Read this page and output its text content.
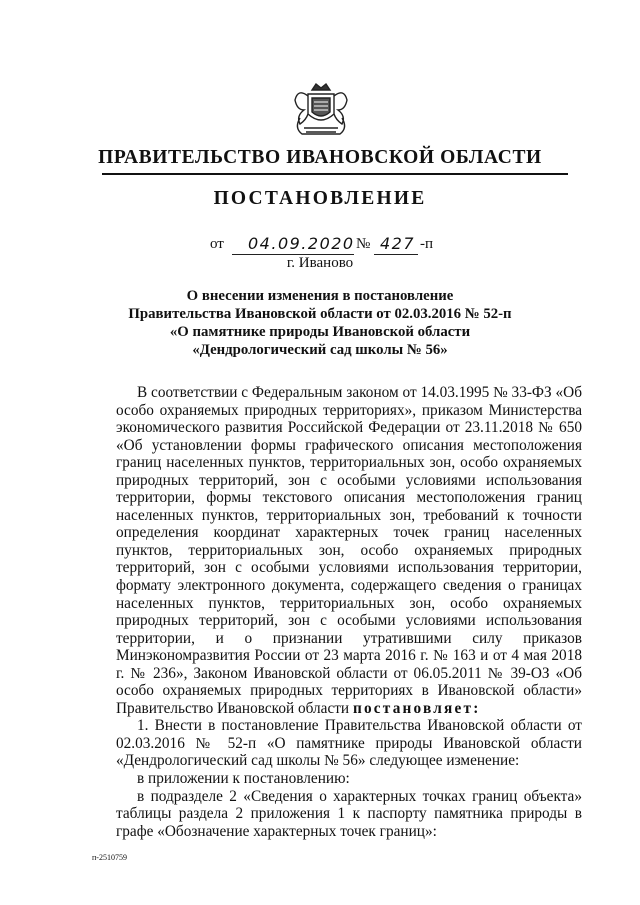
ПРАВИТЕЛЬСТВО ИВАНОВСКОЙ ОБЛАСТИ
ПОСТАНОВЛЕНИЕ
от 04.09.2020 № 427 -п
г. Иваново
О внесении изменения в постановление
Правительства Ивановской области от 02.03.2016 № 52-п
«О памятнике природы Ивановской области
«Дендрологический сад школы № 56»

В соответствии с Федеральным законом от 14.03.1995 № 33-ФЗ «Об особо охраняемых природных территориях», приказом Министерства экономического развития Российской Федерации от 23.11.2018 № 650 «Об установлении формы графического описания местоположения границ населенных пунктов, территориальных зон, особо охраняемых природных территорий, зон с особыми условиями использования территории, формы текстового описания местоположения границ населенных пунктов, территориальных зон, требований к точности определения координат характерных точек границ населенных пунктов, территориальных зон, особо охраняемых природных территорий, зон с особыми условиями использования территории, формату электронного документа, содержащего сведения о границах населенных пунктов, территориальных зон, особо охраняемых природных территорий, зон с особыми условиями использования территории, и о признании утратившими силу приказов Минэкономразвития России от 23 марта 2016 г. № 163 и от 4 мая 2018 г. № 236», Законом Ивановской области от 06.05.2011 № 39-ОЗ «Об особо охраняемых природных территориях в Ивановской области» Правительство Ивановской области постановляет:

1. Внести в постановление Правительства Ивановской области от 02.03.2016 № 52-п «О памятнике природы Ивановской области «Дендрологический сад школы № 56» следующее изменение:

в приложении к постановлению:

в подразделе 2 «Сведения о характерных точках границ объекта» таблицы раздела 2 приложения 1 к паспорту памятника природы в графе «Обозначение характерных точек границ»:

п-2510759
